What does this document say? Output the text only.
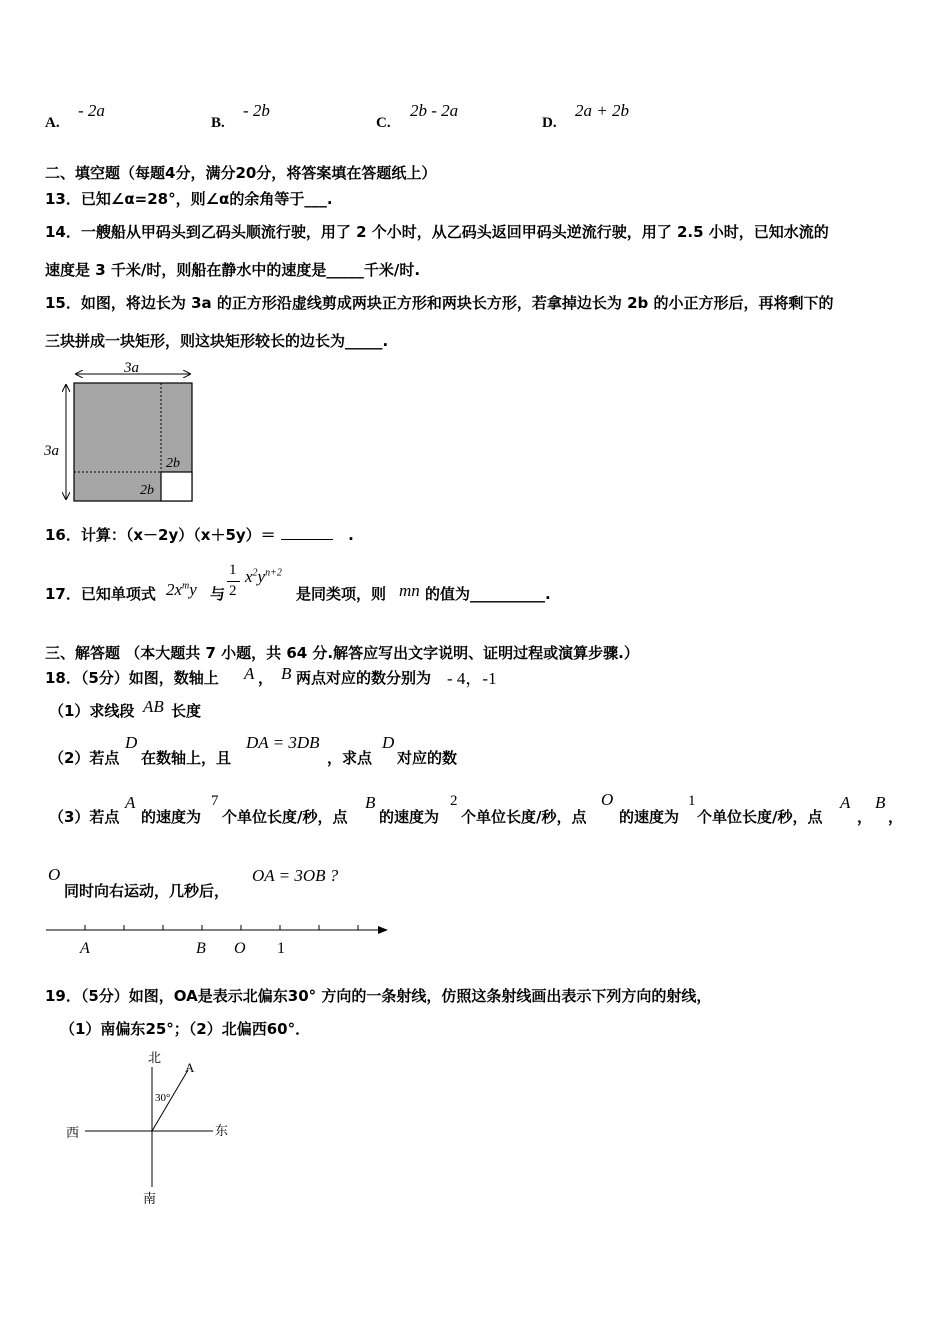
A.
- 2a
B.
- 2b
C.
2b - 2a
D.
2a + 2b
二、填空题（每题4分，满分20分，将答案填在答题纸上）
13．已知∠α=28°，则∠α的余角等于___.
14．一艘船从甲码头到乙码头顺流行驶，用了 2 个小时，从乙码头返回甲码头逆流行驶，用了 2.5 小时，已知水流的
速度是 3 千米/时，则船在静水中的速度是_____千米/时.
15．如图，将边长为 3a 的正方形沿虚线剪成两块正方形和两块长方形，若拿掉边长为 2b 的小正方形后，再将剩下的
三块拼成一块矩形，则这块矩形较长的边长为_____.
3a
3a
2b
2b
16．计算：（x－2y）（x＋5y）＝	.
17．已知单项式 $2x^my$ 与
1
2
$x^2y^{n+2}$
是同类项，则 mn 的值为__________.
三、解答题 （本大题共 7 小题，共 64 分.解答应写出文字说明、证明过程或演算步骤.）
18．（5分）如图，数轴上 A ， B 两点对应的数分别为 - 4，-1
（1）求线段 AB 长度
（2）若点
D
在数轴上，且
DA = 3DB
，求点
D
对应的数
（3）若点
A
的速度为
7
个单位长度/秒，点
B
的速度为
2
个单位长度/秒，点
O
的速度为
1
个单位长度/秒，点
A
，
B
，
O
同时向右运动，几秒后，
OA = 3OB ?
A	B O 1
19．（5分）如图，OA是表示北偏东30° 方向的一条射线，仿照这条射线画出表示下列方向的射线，
（1）南偏东25°；（2）北偏西60°．
北
南
东
西
A
30°
